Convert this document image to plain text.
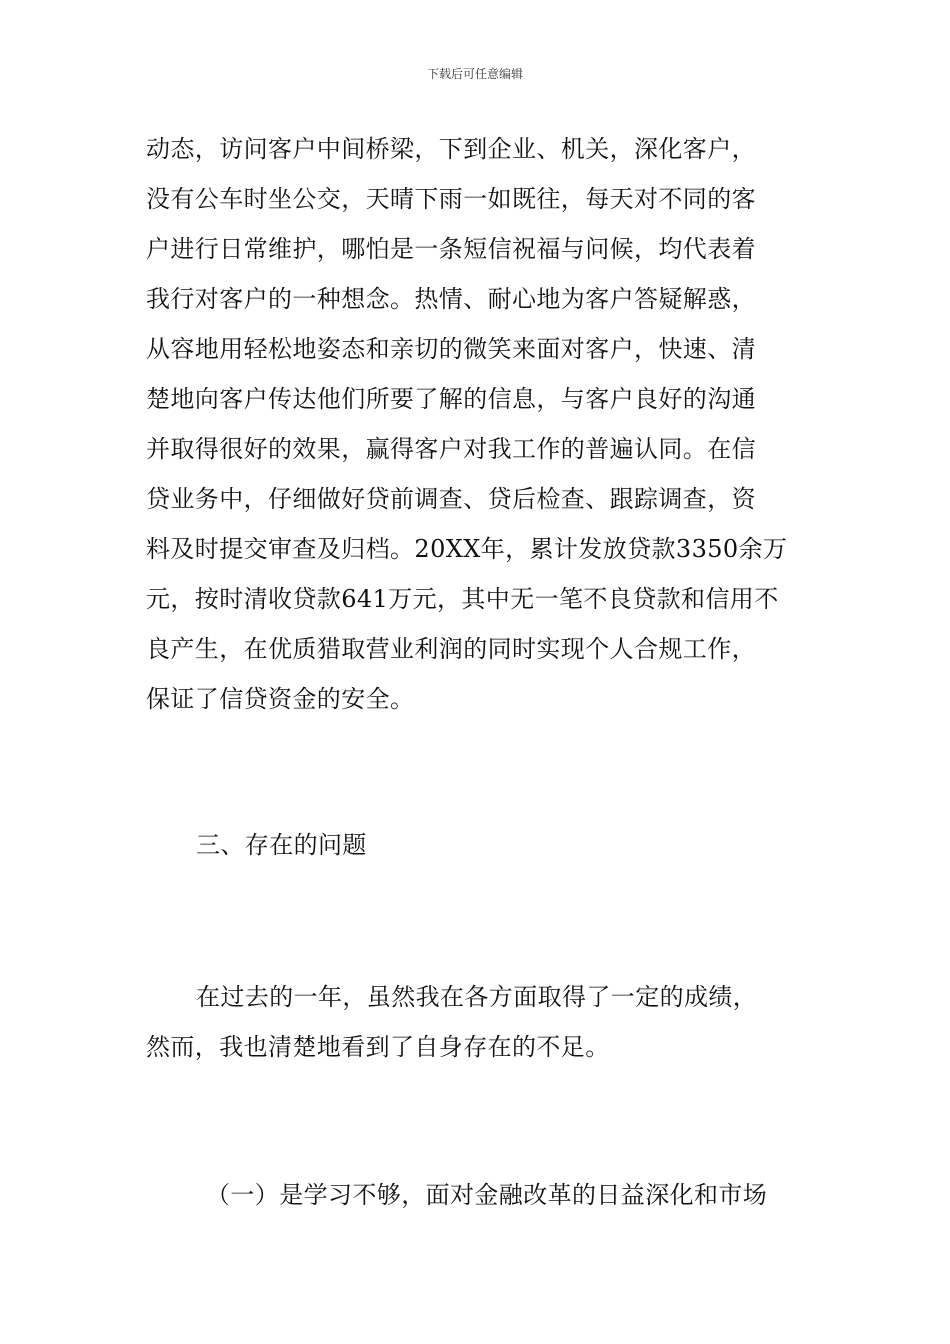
下载后可任意编辑
动态，访问客户中间桥梁，下到企业、机关，深化客户，
没有公车时坐公交，天晴下雨一如既往，每天对不同的客
户进行日常维护，哪怕是一条短信祝福与问候，均代表着
我行对客户的一种想念。热情、耐心地为客户答疑解惑，
从容地用轻松地姿态和亲切的微笑来面对客户，快速、清
楚地向客户传达他们所要了解的信息，与客户良好的沟通
并取得很好的效果，赢得客户对我工作的普遍认同。在信
贷业务中，仔细做好贷前调查、贷后检查、跟踪调查，资
料及时提交审查及归档。20XX年，累计发放贷款3350余万
元，按时清收贷款641万元，其中无一笔不良贷款和信用不
良产生，在优质猎取营业利润的同时实现个人合规工作，
保证了信贷资金的安全。
三、存在的问题
在过去的一年，虽然我在各方面取得了一定的成绩，
然而，我也清楚地看到了自身存在的不足。
（一）是学习不够，面对金融改革的日益深化和市场
